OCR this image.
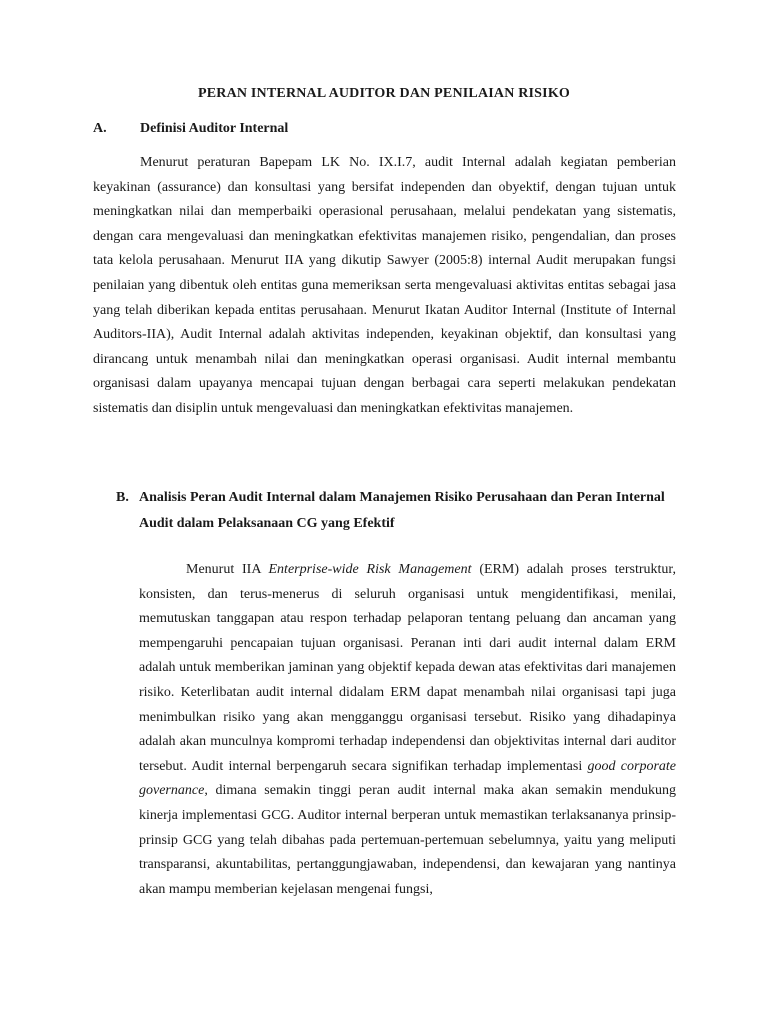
PERAN INTERNAL AUDITOR DAN PENILAIAN RISIKO
A. Definisi Auditor Internal
Menurut peraturan Bapepam LK No. IX.I.7, audit Internal adalah kegiatan pemberian keyakinan (assurance) dan konsultasi yang bersifat independen dan obyektif, dengan tujuan untuk meningkatkan nilai dan memperbaiki operasional perusahaan, melalui pendekatan yang sistematis, dengan cara mengevaluasi dan meningkatkan efektivitas manajemen risiko, pengendalian, dan proses tata kelola perusahaan. Menurut IIA yang dikutip Sawyer (2005:8) internal Audit merupakan fungsi penilaian yang dibentuk oleh entitas guna memeriksan serta mengevaluasi aktivitas entitas sebagai jasa yang telah diberikan kepada entitas perusahaan. Menurut Ikatan Auditor Internal (Institute of Internal Auditors-IIA), Audit Internal adalah aktivitas independen, keyakinan objektif, dan konsultasi yang dirancang untuk menambah nilai dan meningkatkan operasi organisasi. Audit internal membantu organisasi dalam upayanya mencapai tujuan dengan berbagai cara seperti melakukan pendekatan sistematis dan disiplin untuk mengevaluasi dan meningkatkan efektivitas manajemen.
B. Analisis Peran Audit Internal dalam Manajemen Risiko Perusahaan dan Peran Internal Audit dalam Pelaksanaan CG yang Efektif
Menurut IIA Enterprise-wide Risk Management (ERM) adalah proses terstruktur, konsisten, dan terus-menerus di seluruh organisasi untuk mengidentifikasi, menilai, memutuskan tanggapan atau respon terhadap pelaporan tentang peluang dan ancaman yang mempengaruhi pencapaian tujuan organisasi. Peranan inti dari audit internal dalam ERM adalah untuk memberikan jaminan yang objektif kepada dewan atas efektivitas dari manajemen risiko. Keterlibatan audit internal didalam ERM dapat menambah nilai organisasi tapi juga menimbulkan risiko yang akan mengganggu organisasi tersebut. Risiko yang dihadapinya adalah akan munculnya kompromi terhadap independensi dan objektivitas internal dari auditor tersebut. Audit internal berpengaruh secara signifikan terhadap implementasi good corporate governance, dimana semakin tinggi peran audit internal maka akan semakin mendukung kinerja implementasi GCG. Auditor internal berperan untuk memastikan terlaksananya prinsip-prinsip GCG yang telah dibahas pada pertemuan-pertemuan sebelumnya, yaitu yang meliputi transparansi, akuntabilitas, pertanggungjawaban, independensi, dan kewajaran yang nantinya akan mampu memberian kejelasan mengenai fungsi,
